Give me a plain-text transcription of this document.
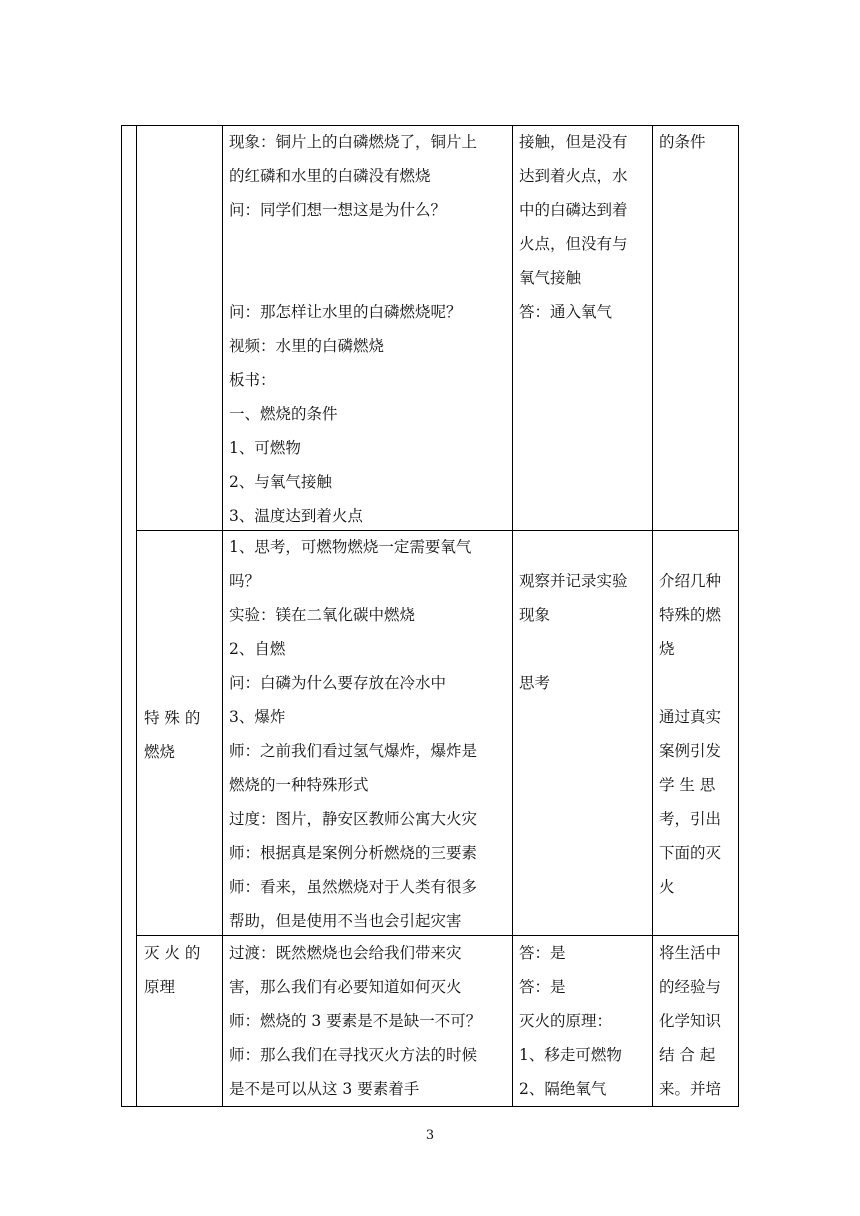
现象：铜片上的白磷燃烧了，铜片上
的红磷和水里的白磷没有燃烧
问：同学们想一想这是为什么？
问：那怎样让水里的白磷燃烧呢？
视频：水里的白磷燃烧
板书：
一、燃烧的条件
1、可燃物
2、与氧气接触
3、温度达到着火点
接触，但是没有
达到着火点，水
中的白磷达到着
火点，但没有与
氧气接触
答：通入氧气
的条件
特 殊 的
燃烧
1、思考，可燃物燃烧一定需要氧气
吗？
实验：镁在二氧化碳中燃烧
2、自燃
问：白磷为什么要存放在冷水中
3、爆炸
师：之前我们看过氢气爆炸，爆炸是
燃烧的一种特殊形式
过度：图片，静安区教师公寓大火灾
师：根据真是案例分析燃烧的三要素
师：看来，虽然燃烧对于人类有很多
帮助，但是使用不当也会引起灾害
观察并记录实验
现象
思考
介绍几种
特殊的燃
烧
通过真实
案例引发
学 生 思
考，引出
下面的灭
火
灭 火 的
原理
过渡：既然燃烧也会给我们带来灾
害，那么我们有必要知道如何灭火
师：燃烧的 3 要素是不是缺一不可？
师：那么我们在寻找灭火方法的时候
是不是可以从这 3 要素着手
答：是
答：是
灭火的原理：
1、移走可燃物
2、隔绝氧气
将生活中
的经验与
化学知识
结 合 起
来。并培
3
